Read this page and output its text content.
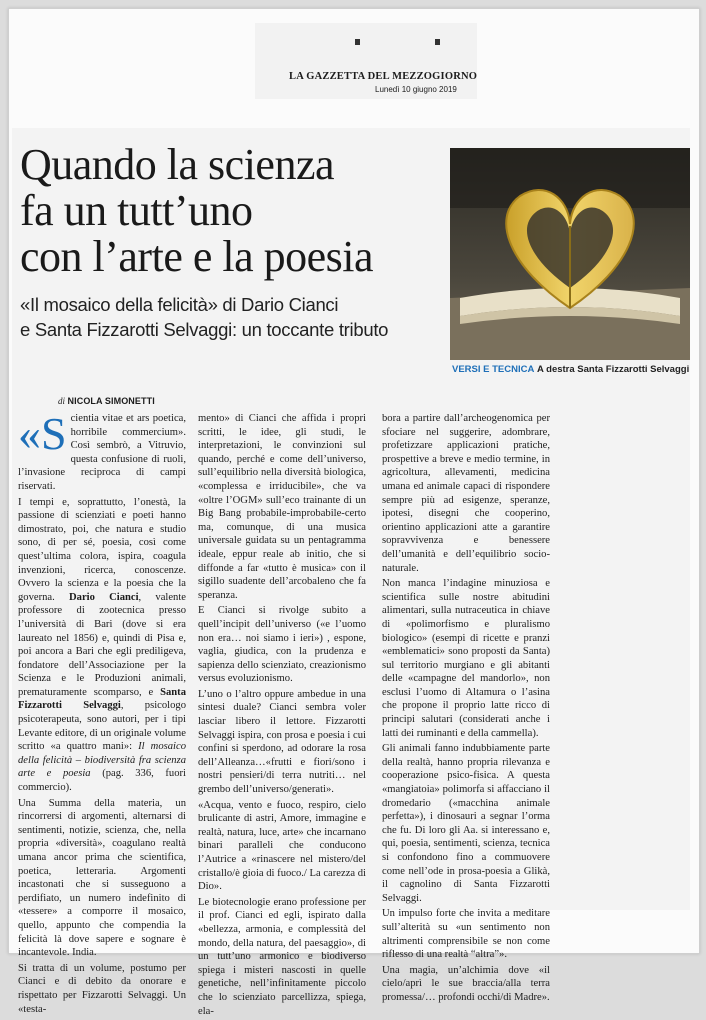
LA GAZZETTA DEL MEZZOGIORNO
Lunedì 10 giugno 2019
Quando la scienza
fa un tutt’uno
con l’arte e la poesia
«Il mosaico della felicità» di Dario Cianci
e Santa Fizzarotti Selvaggi: un toccante tributo
VERSI E TECNICA A destra Santa Fizzarotti Selvaggi
di NICOLA SIMONETTI

«S cientia vitae et ars poetica, horribile commercium». Così sembrò, a Vitruvio, questa confusione di ruoli, l’invasione reciproca di campi riservati.

I tempi e, soprattutto, l’onestà, la passione di scienziati e poeti hanno dimostrato, poi, che natura e studio sono, di per sé, poesia, così come quest’ultima colora, ispira, coagula invenzioni, ricerca, conoscenze. Ovvero la scienza e la poesia che la governa. Dario Cianci, valente professore di zootecnica presso l’università di Bari (dove si era laureato nel 1856) e, quindi di Pisa e, poi ancora a Bari che egli prediligeva, fondatore dell’Associazione per la Scienza e le Produzioni animali, prematuramente scomparso, e Santa Fizzarotti Selvaggi, psicologo psicoterapeuta, sono autori, per i tipi Levante editore, di un originale volume scritto «a quattro mani»: Il mosaico della felicità – biodiversità fra scienza arte e poesia (pag. 336, fuori commercio).

Una Summa della materia, un rincorrersi di argomenti, alternarsi di sentimenti, notizie, scienza, che, nella propria «diversità», coagulano realtà umana ancor prima che scientifica, poetica, letteraria. Argomenti incastonati che si susseguono a perdifiato, un numero indefinito di «tessere» a comporre il mosaico, quello, appunto che compendia la felicità là dove sapere e sognare è incantevole. India.

Si tratta di un volume, postumo per Cianci e di debito da onorare e rispettato per Fizzarotti Selvaggi. Un «testa-

mento» di Cianci che affida i propri scritti, le idee, gli studi, le interpretazioni, le convinzioni sul quando, perché e come dell’universo, sull’equilibrio nella diversità biologica, «complessa e irriducibile», che va «oltre l’OGM» sull’eco trainante di un Big Bang probabile-improbabile-certo ma, comunque, di una musica universale guidata su un pentagramma ideale, eppur reale ab initio, che si diffonde a far «tutto è musica» con il sigillo suadente dell’arcobaleno che fa speranza.

E Cianci si rivolge subito a quell’incipit dell’universo («e l’uomo non era… noi siamo i ieri») , espone, vaglia, giudica, con la prudenza e sapienza dello scienziato, creazionismo versus evoluzionismo.

L’uno o l’altro oppure ambedue in una sintesi duale? Cianci sembra voler lasciar libero il lettore. Fizzarotti Selvaggi ispira, con prosa e poesia i cui confini si sperdono, ad odorare la rosa dell’Alleanza…«frutti e fiori/sono i nostri pensieri/di terra nutriti… nel grembo dell’universo/generati».

«Acqua, vento e fuoco, respiro, cielo brulicante di astri, Amore, immagine e realtà, natura, luce, arte» che incarnano binari paralleli che conducono l’Autrice a «rinascere nel mistero/del cristallo/è gioia di fuoco./ La carezza di Dio».

Le biotecnologie erano professione per il prof. Cianci ed egli, ispirato dalla «bellezza, armonia, e complessità del mondo, della natura, del paesaggio», di un tutt’uno armonico e biodiverso spiega i misteri nascosti in quelle genetiche, nell’infinitamente piccolo che lo scienziato parcellizza, spiega, ela-

bora a partire dall’archeogenomica per sfociare nel suggerire, adombrare, profetizzare applicazioni pratiche, prospettive a breve e medio termine, in agricoltura, allevamenti, medicina umana ed animale capaci di rispondere sempre più ad esigenze, speranze, ipotesi, disegni che cooperino, orientino applicazioni atte a garantire sopravvivenza e benessere dell’umanità e dell’equilibrio socio-naturale.

Non manca l’indagine minuziosa e scientifica sulle nostre abitudini alimentari, sulla nutraceutica in chiave di «polimorfismo e pluralismo biologico» (esempi di ricette e pranzi «emblematici» sono proposti da Santa) sul territorio murgiano e gli abitanti delle «campagne del mandorlo», non esclusi l’uomo di Altamura o l’asina che propone il proprio latte ricco di principi salutari (considerati anche i latti dei ruminanti e della cammella).

Gli animali fanno indubbiamente parte della realtà, hanno propria rilevanza e cooperazione psico-fisica. A questa «mangiatoia» polimorfa si affacciano il dromedario («macchina animale perfetta»), i dinosauri a segnar l’orma che fu. Di loro gli Aa. si interessano e, qui, poesia, sentimenti, scienza, tecnica si confondono fino a commuovere come nell’ode in prosa-poesia a Glikà, il cagnolino di Santa Fizzarotti Selvaggi.

Un impulso forte che invita a meditare sull’alterità su «un sentimento non altrimenti comprensibile se non come riflesso di una realtà “altra”».

Una magia, un’alchimia dove «il cielo/aprì le sue braccia/alla terra promessa/… profondi occhi/di Madre».
